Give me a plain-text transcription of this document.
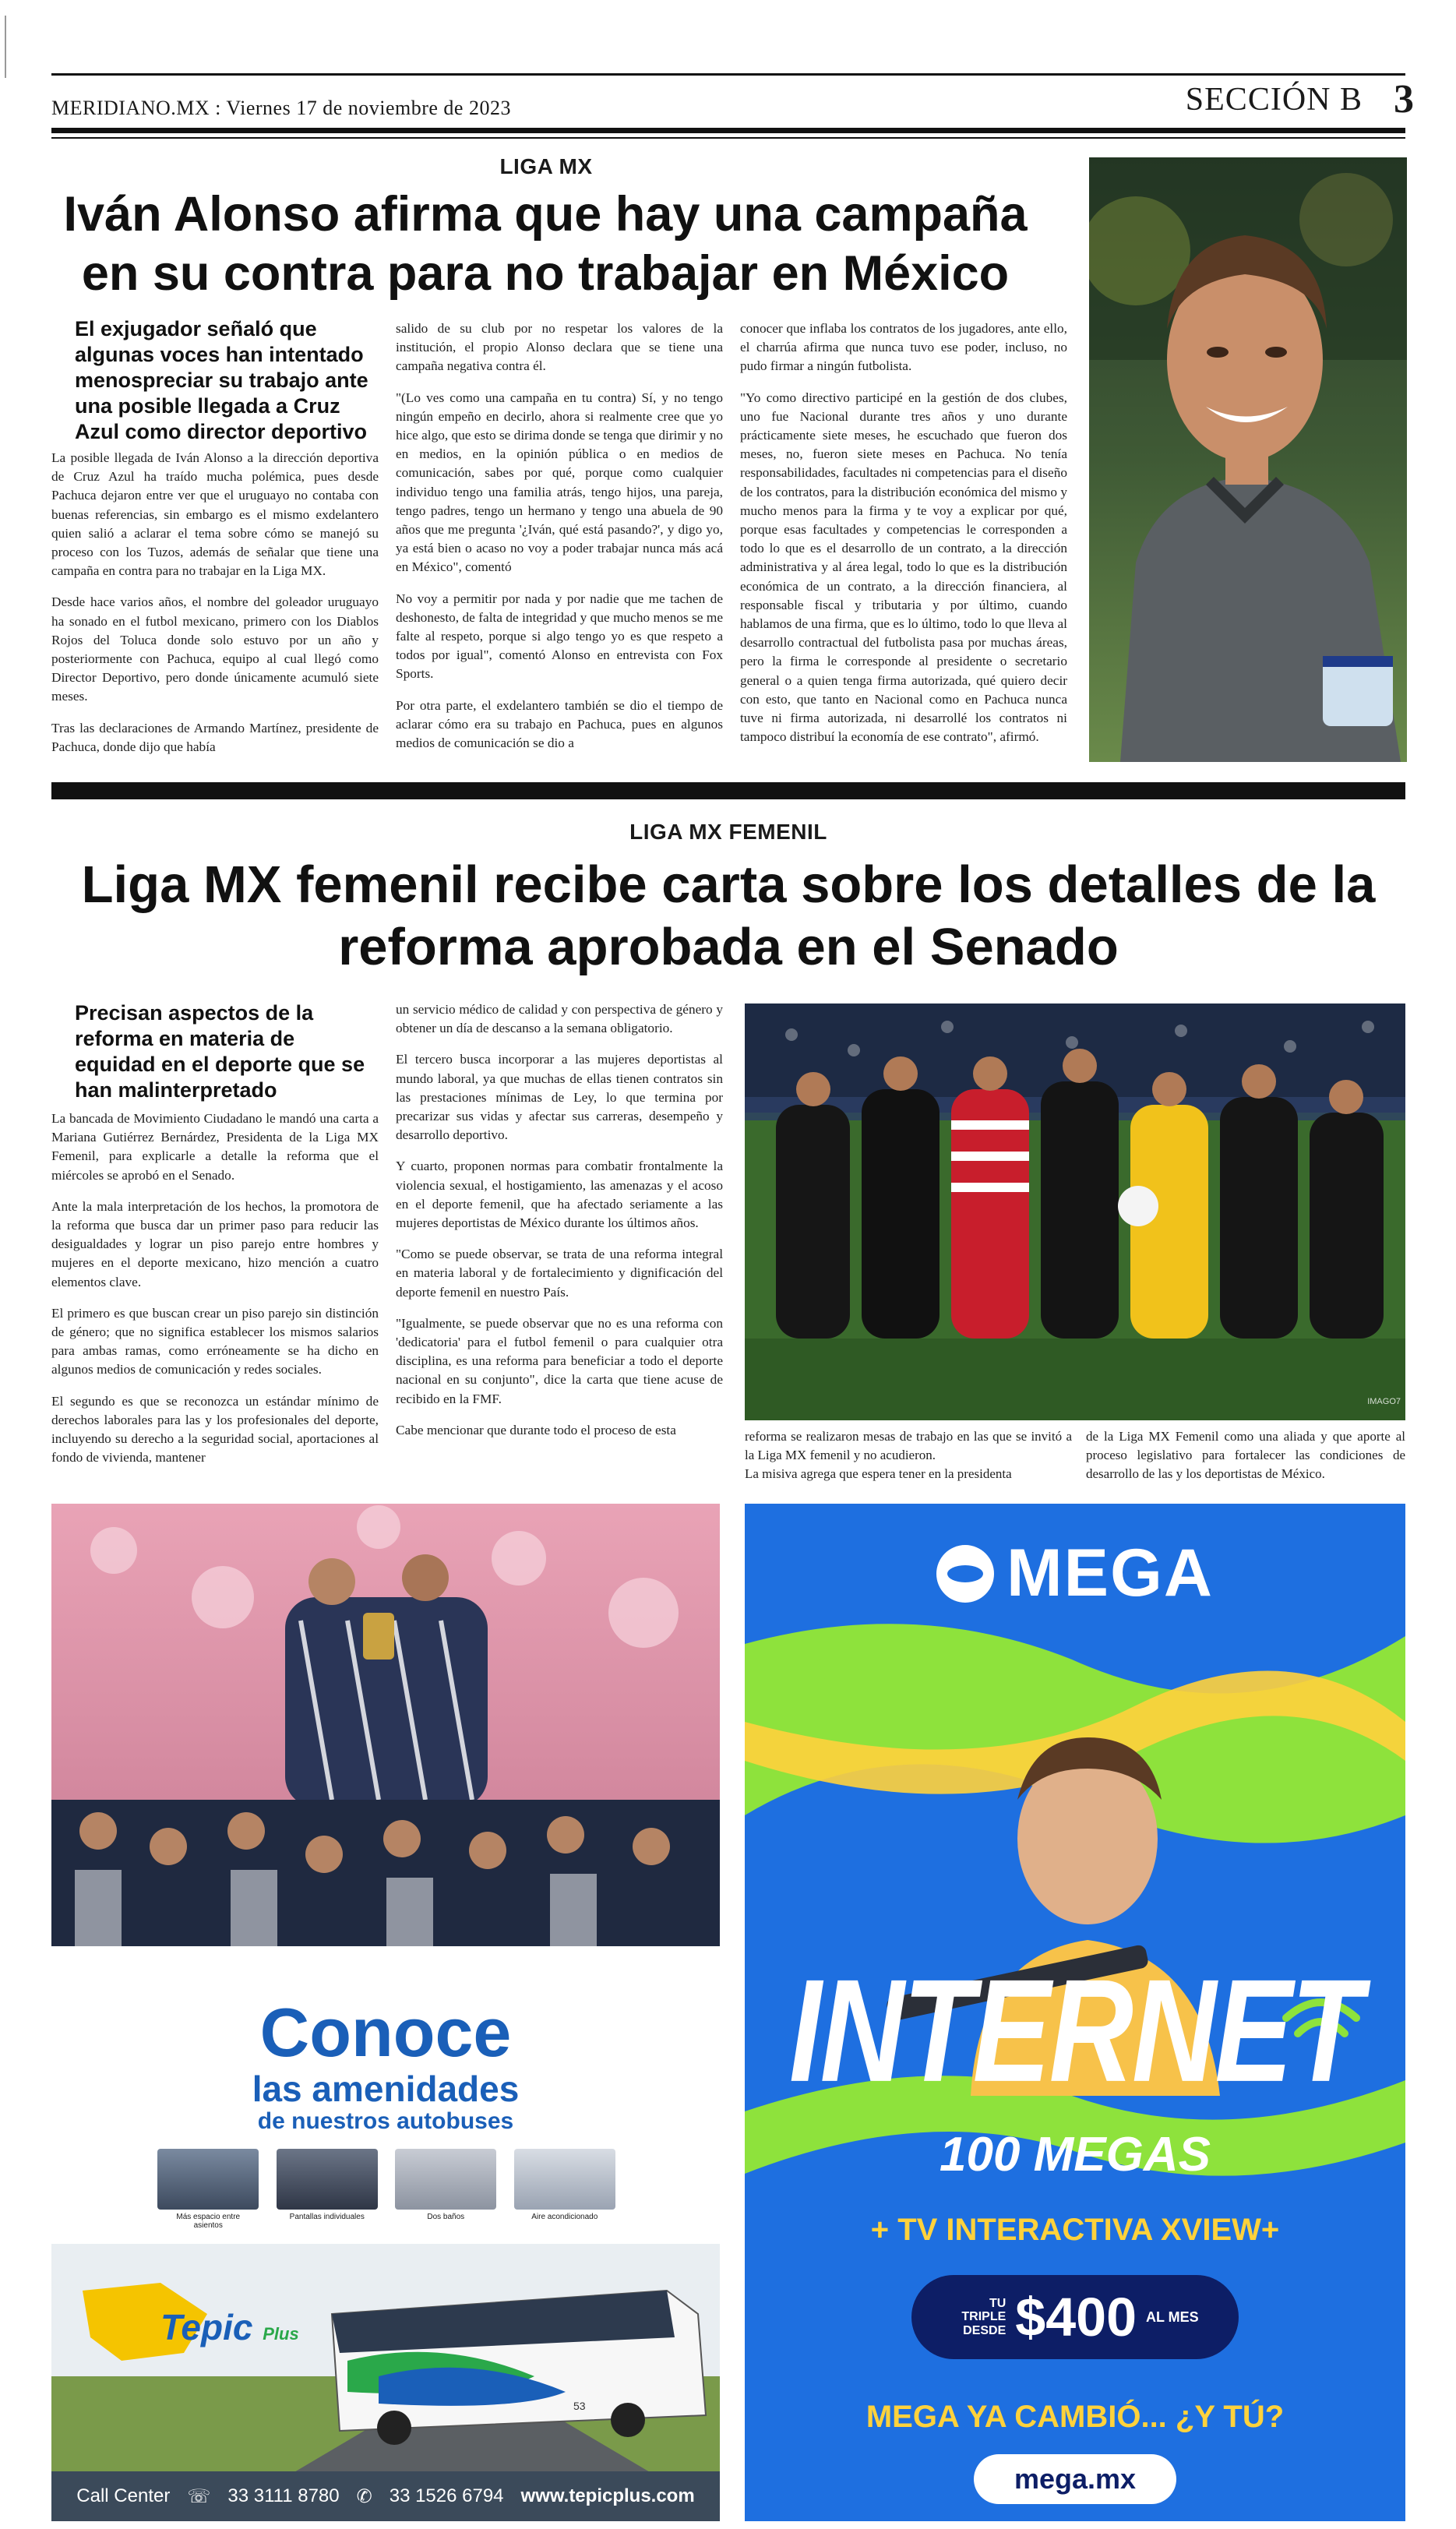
MERIDIANO.MX : Viernes 17 de noviembre de 2023	SECCIÓN B 3
LIGA MX
Iván Alonso afirma que hay una campaña en su contra para no trabajar en México
El exjugador señaló que algunas voces han intentado menospreciar su trabajo ante una posible llegada a Cruz Azul como director deportivo

La posible llegada de Iván Alonso a la dirección deportiva de Cruz Azul ha traído mucha polémica, pues desde Pachuca dejaron entre ver que el uruguayo no contaba con buenas referencias, sin embargo es el mismo exdelantero quien salió a aclarar el tema sobre cómo se manejó su proceso con los Tuzos, además de señalar que tiene una campaña en contra para no trabajar en la Liga MX.

Desde hace varios años, el nombre del goleador uruguayo ha sonado en el futbol mexicano, primero con los Diablos Rojos del Toluca donde solo estuvo por un año y posteriormente con Pachuca, equipo al cual llegó como Director Deportivo, pero donde únicamente acumuló siete meses.

Tras las declaraciones de Armando Martínez, presidente de Pachuca, donde dijo que había

salido de su club por no respetar los valores de la institución, el propio Alonso declara que se tiene una campaña negativa contra él.

"(Lo ves como una campaña en tu contra) Sí, y no tengo ningún empeño en decirlo, ahora si realmente cree que yo hice algo, que esto se dirima donde se tenga que dirimir y no en medios, en la opinión pública o en medios de comunicación, sabes por qué, porque como cualquier individuo tengo una familia atrás, tengo hijos, una pareja, tengo padres, tengo un hermano y tengo una abuela de 90 años que me pregunta '¿Iván, qué está pasando?', y digo yo, ya está bien o acaso no voy a poder trabajar nunca más acá en México", comentó

No voy a permitir por nada y por nadie que me tachen de deshonesto, de falta de integridad y que mucho menos se me falte al respeto, porque si algo tengo yo es que respeto a todos por igual", comentó Alonso en entrevista con Fox Sports.

Por otra parte, el exdelantero también se dio el tiempo de aclarar cómo era su trabajo en Pachuca, pues en algunos medios de comunicación se dio a

conocer que inflaba los contratos de los jugadores, ante ello, el charrúa afirma que nunca tuvo ese poder, incluso, no pudo firmar a ningún futbolista.

"Yo como directivo participé en la gestión de dos clubes, uno fue Nacional durante tres años y uno durante prácticamente siete meses, he escuchado que fueron dos meses, no, fueron siete meses en Pachuca. No tenía responsabilidades, facultades ni competencias para el diseño de los contratos, para la distribución económica del mismo y mucho menos para la firma y te voy a explicar por qué, porque esas facultades y competencias le corresponden a todo lo que es el desarrollo de un contrato, a la dirección administrativa y al área legal, todo lo que es la distribución económica de un contrato, a la dirección financiera, al responsable fiscal y tributaria y por último, cuando hablamos de una firma, que es lo último, todo lo que lleva al desarrollo contractual del futbolista pasa por muchas áreas, pero la firma le corresponde al presidente o secretario general o a quien tenga firma autorizada, qué quiero decir con esto, que tanto en Nacional como en Pachuca nunca tuve ni firma autorizada, ni desarrollé los contratos ni tampoco distribuí la economía de ese contrato", afirmó.

LIGA MX FEMENIL
Liga MX femenil recibe carta sobre los detalles de la reforma aprobada en el Senado
Precisan aspectos de la reforma en materia de equidad en el deporte que se han malinterpretado

La bancada de Movimiento Ciudadano le mandó una carta a Mariana Gutiérrez Bernárdez, Presidenta de la Liga MX Femenil, para explicarle a detalle la reforma que el miércoles se aprobó en el Senado.

Ante la mala interpretación de los hechos, la promotora de la reforma que busca dar un primer paso para reducir las desigualdades y lograr un piso parejo entre hombres y mujeres en el deporte mexicano, hizo mención a cuatro elementos clave.

El primero es que buscan crear un piso parejo sin distinción de género; que no significa establecer los mismos salarios para ambas ramas, como erróneamente se ha dicho en algunos medios de comunicación y redes sociales.

El segundo es que se reconozca un estándar mínimo de derechos laborales para las y los profesionales del deporte, incluyendo su derecho a la seguridad social, aportaciones al fondo de vivienda, mantener

un servicio médico de calidad y con perspectiva de género y obtener un día de descanso a la semana obligatorio.

El tercero busca incorporar a las mujeres deportistas al mundo laboral, ya que muchas de ellas tienen contratos sin las prestaciones mínimas de Ley, lo que termina por precarizar sus vidas y afectar sus carreras, desempeño y desarrollo deportivo.

Y cuarto, proponen normas para combatir frontalmente la violencia sexual, el hostigamiento, las amenazas y el acoso en el deporte femenil, que ha afectado seriamente a las mujeres deportistas de México durante los últimos años.

"Como se puede observar, se trata de una reforma integral en materia laboral y de fortalecimiento y dignificación del deporte femenil en nuestro País.

"Igualmente, se puede observar que no es una reforma con 'dedicatoria' para el futbol femenil o para cualquier otra disciplina, es una reforma para beneficiar a todo el deporte nacional en su conjunto", dice la carta que tiene acuse de recibido en la FMF.

Cabe mencionar que durante todo el proceso de esta

IMAGO7
reforma se realizaron mesas de trabajo en las que se invitó a la Liga MX femenil y no acudieron.
La misiva agrega que espera tener en la presidenta
de la Liga MX Femenil como una aliada y que aporte al proceso legislativo para fortalecer las condiciones de desarrollo de las y los deportistas de México.
Conoce
las amenidades
de nuestros autobuses
Más espacio entre asientos
Pantallas individuales	Dos baños	Aire acondicionado
Tepic Plus
53
Call Center ☏ 33 3111 8780 ✆ 33 1526 6794 www.tepicplus.com
MEGA
INTERNET
100 MEGAS
+ TV INTERACTIVA XVIEW+
TU TRIPLE DESDE $400 AL MES
MEGA YA CAMBIÓ... ¿Y TÚ?
mega.mx
